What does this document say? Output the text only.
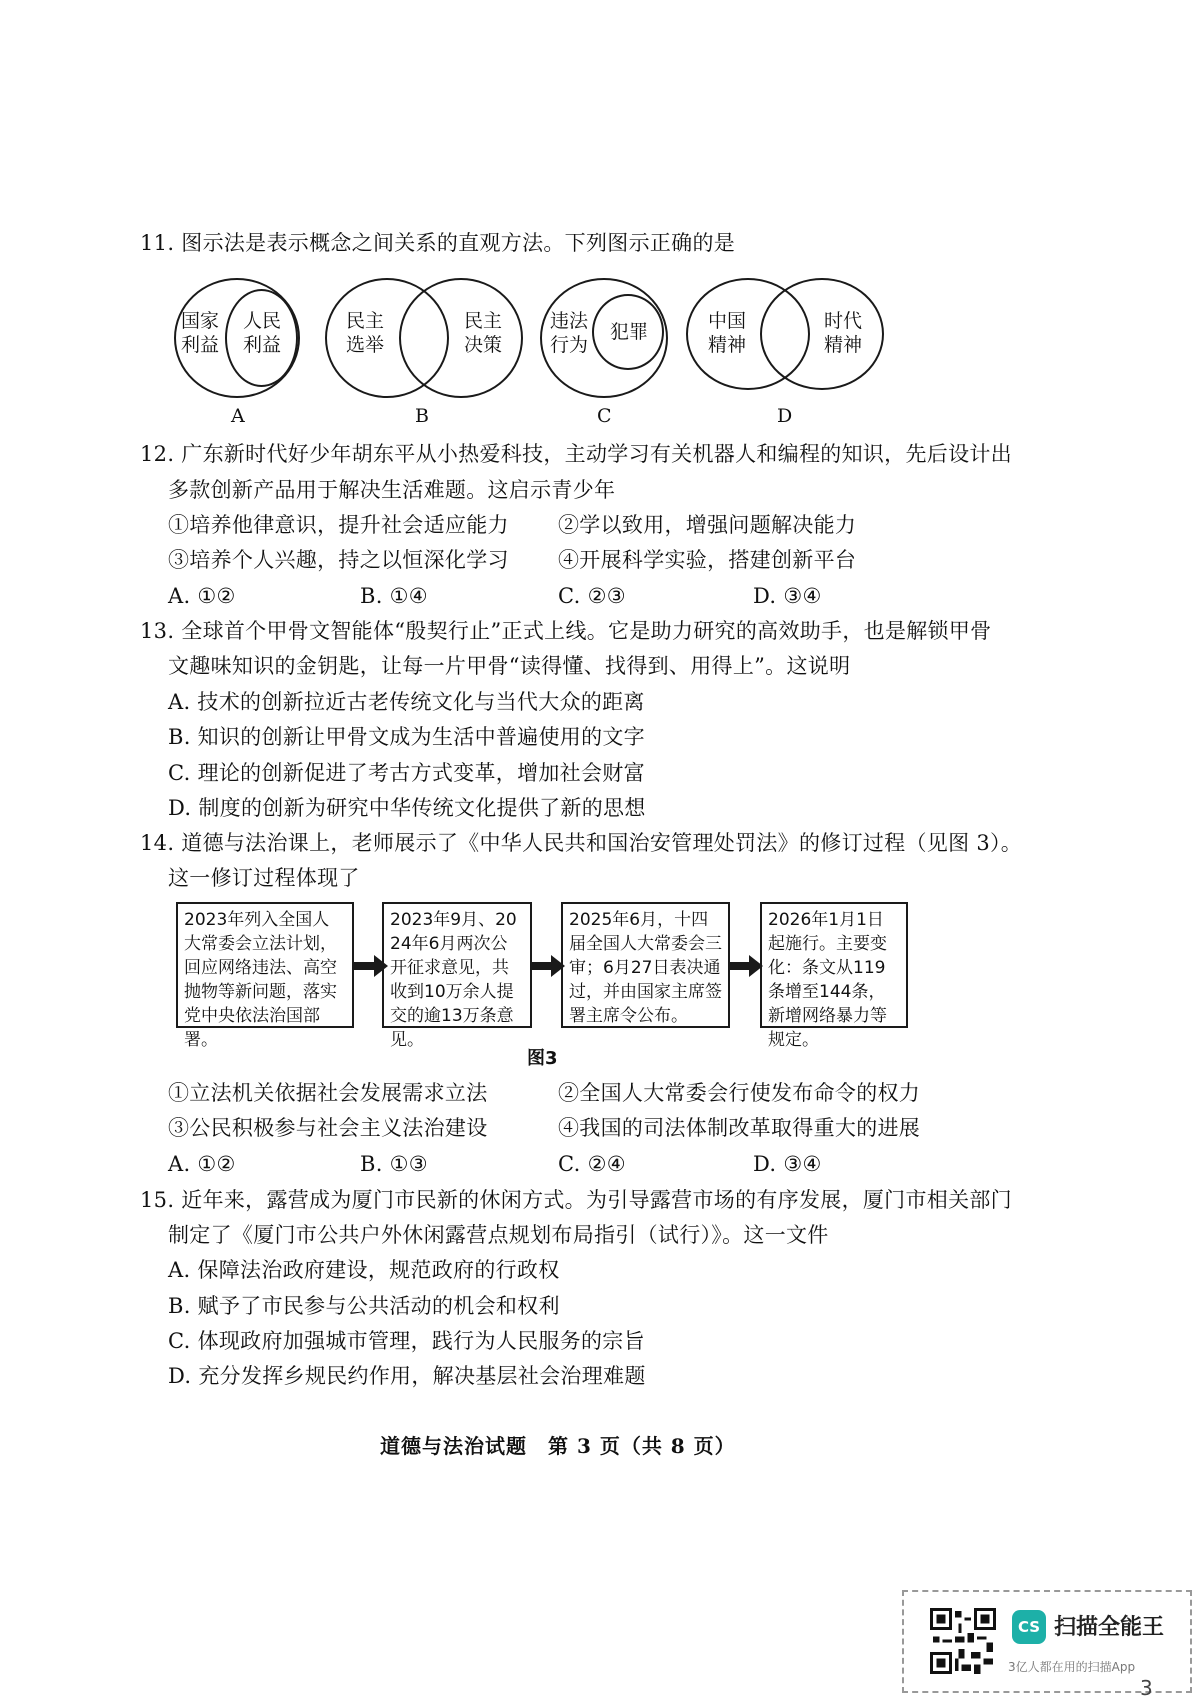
11. 图示法是表示概念之间关系的直观方法。下列图示正确的是
国家
利益
人民
利益
A
民主
选举
民主
决策
B
违法
行为
犯罪
C
中国
精神
时代
精神
D
12. 广东新时代好少年胡东平从小热爱科技，主动学习有关机器人和编程的知识，先后设计出
多款创新产品用于解决生活难题。这启示青少年
①培养他律意识，提升社会适应能力 ②学以致用，增强问题解决能力
③培养个人兴趣，持之以恒深化学习 ④开展科学实验，搭建创新平台
A. ①②	B. ①④	C. ②③	D. ③④
13. 全球首个甲骨文智能体“殷契行止”正式上线。它是助力研究的高效助手，也是解锁甲骨
文趣味知识的金钥匙，让每一片甲骨“读得懂、找得到、用得上”。这说明
A. 技术的创新拉近古老传统文化与当代大众的距离
B. 知识的创新让甲骨文成为生活中普遍使用的文字
C. 理论的创新促进了考古方式变革，增加社会财富
D. 制度的创新为研究中华传统文化提供了新的思想
14. 道德与法治课上，老师展示了《中华人民共和国治安管理处罚法》的修订过程（见图 3）。
这一修订过程体现了
2023年列入全国人大常委会立法计划，回应网络违法、高空抛物等新问题，落实党中央依法治国部署。
2023年9月、2024年6月两次公开征求意见，共收到10万余人提交的逾13万条意见。
2025年6月，十四届全国人大常委会三审；6月27日表决通过，并由国家主席签署主席令公布。
2026年1月1日起施行。主要变化：条文从119条增至144条，新增网络暴力等规定。
图3
①立法机关依据社会发展需求立法	②全国人大常委会行使发布命令的权力
③公民积极参与社会主义法治建设	④我国的司法体制改革取得重大的进展
A. ①②	B. ①③	C. ②④	D. ③④
15. 近年来，露营成为厦门市民新的休闲方式。为引导露营市场的有序发展，厦门市相关部门
制定了《厦门市公共户外休闲露营点规划布局指引（试行）》。这一文件
A. 保障法治政府建设，规范政府的行政权
B. 赋予了市民参与公共活动的机会和权利
C. 体现政府加强城市管理，践行为人民服务的宗旨
D. 充分发挥乡规民约作用，解决基层社会治理难题
道德与法治试题　第 3 页（共 8 页）
CS 扫描全能王
3亿人都在用的扫描App
3
